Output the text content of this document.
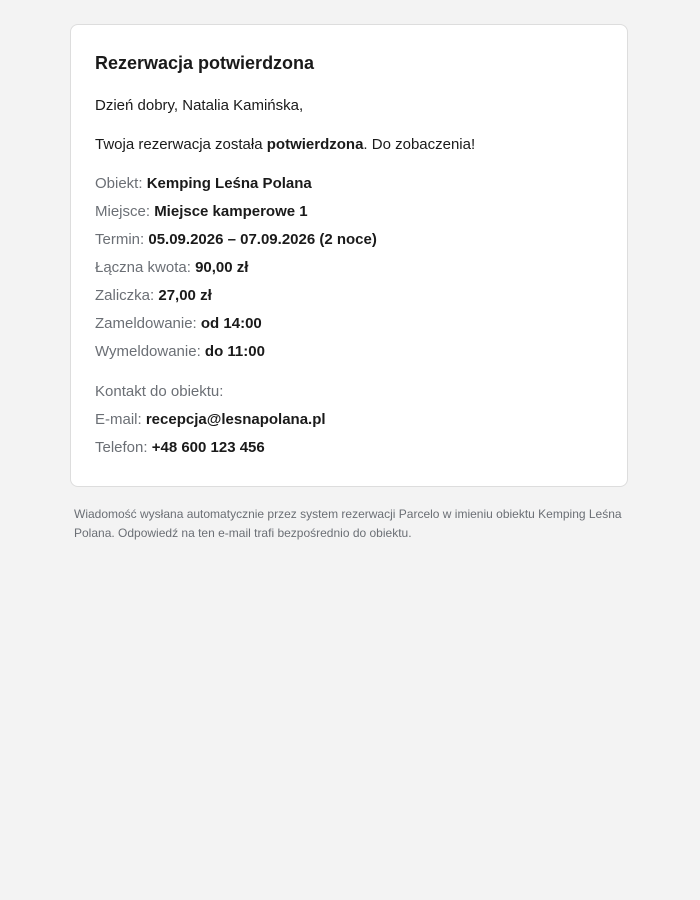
Rezerwacja potwierdzona
Dzień dobry, Natalia Kamińska,
Twoja rezerwacja została potwierdzona. Do zobaczenia!
Obiekt: Kemping Leśna Polana
Miejsce: Miejsce kamperowe 1
Termin: 05.09.2026 – 07.09.2026 (2 noce)
Łączna kwota: 90,00 zł
Zaliczka: 27,00 zł
Zameldowanie: od 14:00
Wymeldowanie: do 11:00
Kontakt do obiektu:
E-mail: recepcja@lesnapolana.pl
Telefon: +48 600 123 456
Wiadomość wysłana automatycznie przez system rezerwacji Parcelo w imieniu obiektu Kemping Leśna Polana. Odpowiedź na ten e-mail trafi bezpośrednio do obiektu.
